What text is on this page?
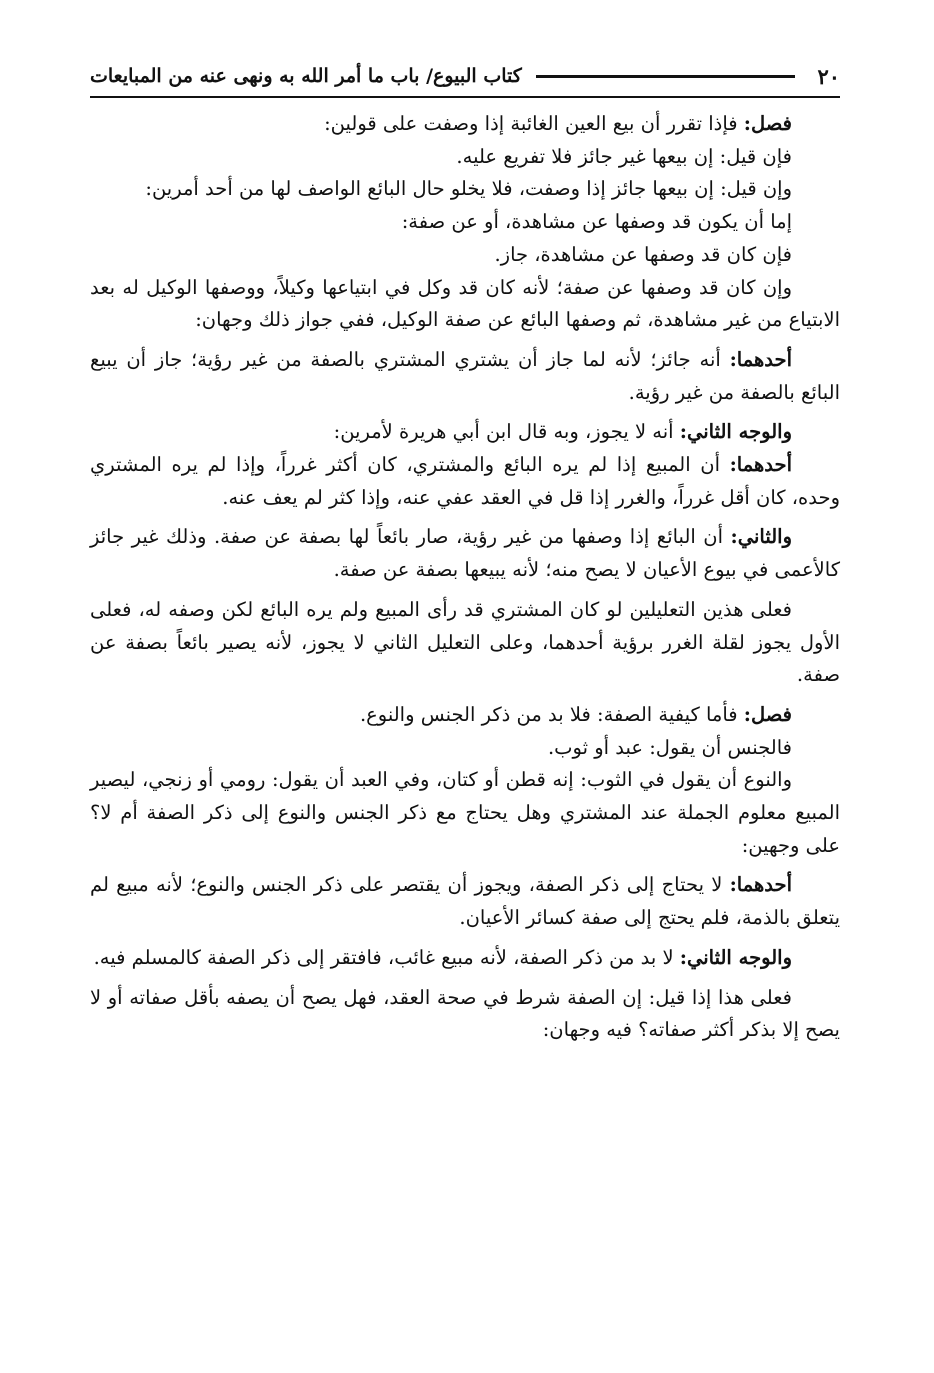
٢٠
كتاب البيوع/ باب ما أمر الله به ونهى عنه من المبايعات

فصل: فإذا تقرر أن بيع العين الغائبة إذا وصفت على قولين:

فإن قيل: إن بيعها غير جائز فلا تفريع عليه.

وإن قيل: إن بيعها جائز إذا وصفت، فلا يخلو حال البائع الواصف لها من أحد أمرين:

إما أن يكون قد وصفها عن مشاهدة، أو عن صفة:

فإن كان قد وصفها عن مشاهدة، جاز.

وإن كان قد وصفها عن صفة؛ لأنه كان قد وكل في ابتياعها وكيلاً، ووصفها الوكيل له بعد الابتياع من غير مشاهدة، ثم وصفها البائع عن صفة الوكيل، ففي جواز ذلك وجهان:

أحدهما: أنه جائز؛ لأنه لما جاز أن يشتري المشتري بالصفة من غير رؤية؛ جاز أن يبيع البائع بالصفة من غير رؤية.

والوجه الثاني: أنه لا يجوز، وبه قال ابن أبي هريرة لأمرين:

أحدهما: أن المبيع إذا لم يره البائع والمشتري، كان أكثر غرراً، وإذا لم يره المشتري وحده، كان أقل غرراً، والغرر إذا قل في العقد عفي عنه، وإذا كثر لم يعف عنه.

والثاني: أن البائع إذا وصفها من غير رؤية، صار بائعاً لها بصفة عن صفة. وذلك غير جائز كالأعمى في بيوع الأعيان لا يصح منه؛ لأنه يبيعها بصفة عن صفة.

فعلى هذين التعليلين لو كان المشتري قد رأى المبيع ولم يره البائع لكن وصفه له، فعلى الأول يجوز لقلة الغرر برؤية أحدهما، وعلى التعليل الثاني لا يجوز، لأنه يصير بائعاً بصفة عن صفة.

فصل: فأما كيفية الصفة: فلا بد من ذكر الجنس والنوع.

فالجنس أن يقول: عبد أو ثوب.

والنوع أن يقول في الثوب: إنه قطن أو كتان، وفي العبد أن يقول: رومي أو زنجي، ليصير المبيع معلوم الجملة عند المشتري وهل يحتاج مع ذكر الجنس والنوع إلى ذكر الصفة أم لا؟ على وجهين:

أحدهما: لا يحتاج إلى ذكر الصفة، ويجوز أن يقتصر على ذكر الجنس والنوع؛ لأنه مبيع لم يتعلق بالذمة، فلم يحتج إلى صفة كسائر الأعيان.

والوجه الثاني: لا بد من ذكر الصفة، لأنه مبيع غائب، فافتقر إلى ذكر الصفة كالمسلم فيه.

فعلى هذا إذا قيل: إن الصفة شرط في صحة العقد، فهل يصح أن يصفه بأقل صفاته أو لا يصح إلا بذكر أكثر صفاته؟ فيه وجهان:
